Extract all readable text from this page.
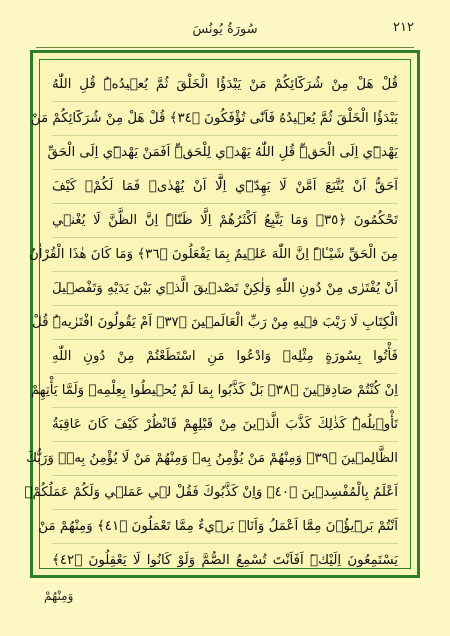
سُورَةُ يُونُسَ	٢١٢
قُلْ هَلْ مِنْ شُرَكَٓائِكُمْ مَنْ يَبْدَؤُا الْخَلْقَ ثُمَّ يُع۪يدُهُۜ قُلِ اللّٰهُ
يَبْدَؤُا الْخَلْقَ ثُمَّ يُع۪يدُهُ فَاَنّٰى تُؤْفَكُونَ ﴿٣٤﴾ قُلْ هَلْ مِنْ شُرَكَٓائِكُمْ مَنْ
يَهْد۪ٓي اِلَى الْحَقِّۜ قُلِ اللّٰهُ يَهْد۪ي لِلْحَقِّۜ اَفَمَنْ يَهْد۪ٓي اِلَى الْحَقِّ
اَحَقُّ اَنْ يُتَّبَعَ اَمَّنْ لَا يَهِدّ۪ٓي اِلَّٓا اَنْ يُهْدٰىۚ فَمَا لَكُمْ۠ كَيْفَ
تَحْكُمُونَ ﴿٣٥﴾ وَمَا يَتَّبِعُ اَكْثَرُهُمْ اِلَّا ظَنّاًۜ اِنَّ الظَّنَّ لَا يُغْن۪ي
مِنَ الْحَقِّ شَيْـٔاًۜ اِنَّ اللّٰهَ عَل۪يمٌ بِمَا يَفْعَلُونَ ﴿٣٦﴾ وَمَا كَانَ هٰذَا الْقُرْاٰنُ
اَنْ يُفْتَرٰى مِنْ دُونِ اللّٰهِ وَلٰكِنْ تَصْد۪يقَ الَّذ۪ي بَيْنَ يَدَيْهِ وَتَفْص۪يلَ
الْكِتَابِ لَا رَيْبَ ف۪يهِ مِنْ رَبِّ الْعَالَم۪ينَ ﴿٣٧﴾ اَمْ يَقُولُونَ افْتَرٰيهُۜ قُلْ
فَأْتُوا بِسُورَةٍ مِثْلِه۪ وَادْعُوا مَنِ اسْتَطَعْتُمْ مِنْ دُونِ اللّٰهِ
اِنْ كُنْتُمْ صَادِق۪ينَ ﴿٣٨﴾ بَلْ كَذَّبُوا بِمَا لَمْ يُح۪يطُوا بِعِلْمِه۪ وَلَمَّا يَأْتِهِمْ
تَأْو۪يلُهُۜ كَذٰلِكَ كَذَّبَ الَّذ۪ينَ مِنْ قَبْلِهِمْ فَانْظُرْ كَيْفَ كَانَ عَاقِبَةُ
الظَّالِم۪ينَ ﴿٣٩﴾ وَمِنْهُمْ مَنْ يُؤْمِنُ بِه۪ وَمِنْهُمْ مَنْ لَا يُؤْمِنُ بِه۪ۜ وَرَبُّكَ
اَعْلَمُ بِالْمُفْسِد۪ينَ ﴿٤٠﴾ وَاِنْ كَذَّبُوكَ فَقُلْ ل۪ي عَمَل۪ي وَلَكُمْ عَمَلُكُمْۚ
اَنْتُمْ بَر۪ٓيؤُ۫نَ مِمَّٓا اَعْمَلُ وَاَنَا۬ بَر۪ٓيءٌ مِمَّا تَعْمَلُونَ ﴿٤١﴾ وَمِنْهُمْ مَنْ
يَسْتَمِعُونَ اِلَيْكَۜ اَفَاَنْتَ تُسْمِعُ الصُّمَّ وَلَوْ كَانُوا لَا يَعْقِلُونَ ﴿٤٢﴾
وَمِنْهُمْ
